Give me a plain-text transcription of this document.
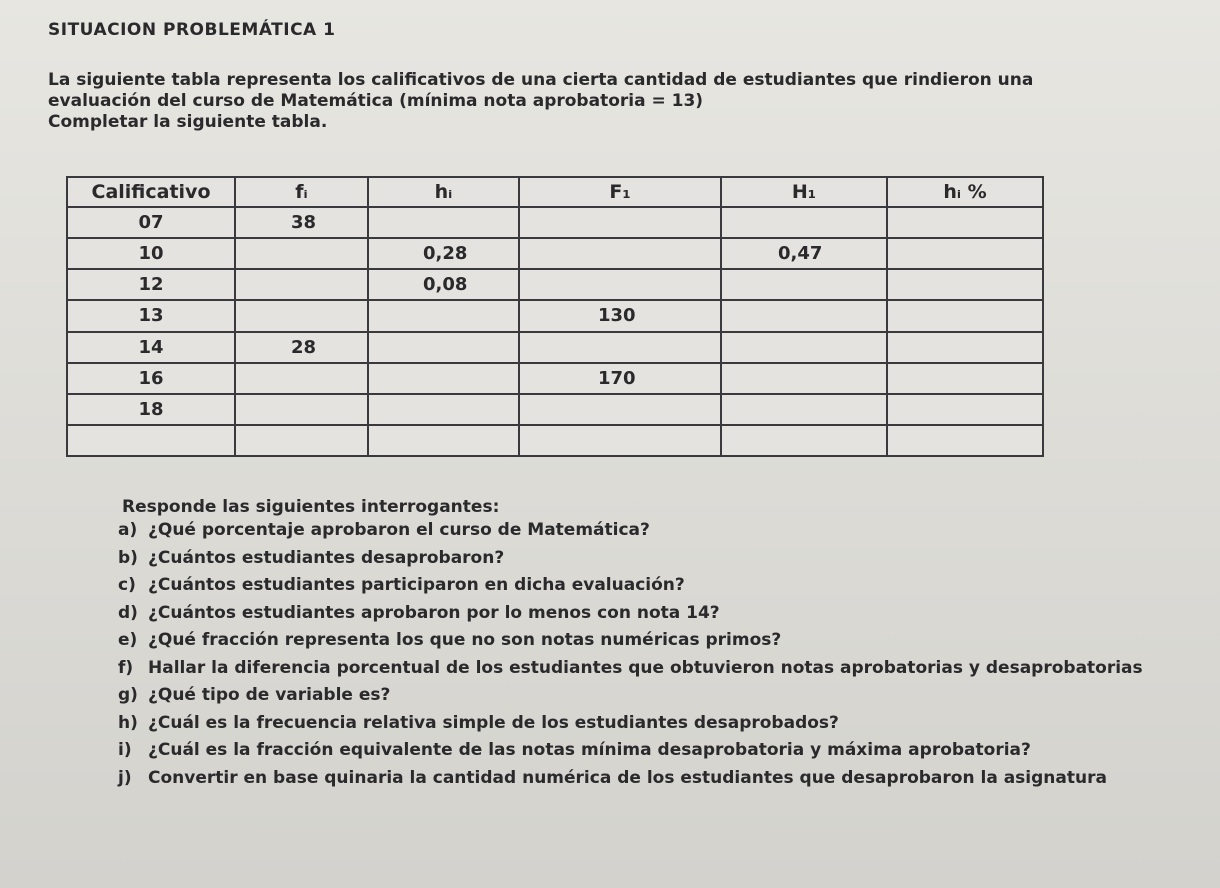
SITUACION PROBLEMÁTICA 1
La siguiente tabla representa los calificativos de una cierta cantidad de estudiantes que rindieron una
evaluación del curso de Matemática (mínima nota aprobatoria = 13)
Completar la siguiente tabla.
Calificativo	fᵢ	hᵢ	F₁	H₁	hᵢ %
07	38				
10		0,28		0,47	
12		0,08			
13			130		
14	28				
16			170		
18					

Responde las siguientes interrogantes:
a) ¿Qué porcentaje aprobaron el curso de Matemática?
b) ¿Cuántos estudiantes desaprobaron?
c) ¿Cuántos estudiantes participaron en dicha evaluación?
d) ¿Cuántos estudiantes aprobaron por lo menos con nota 14?
e) ¿Qué fracción representa los que no son notas numéricas primos?
f) Hallar la diferencia porcentual de los estudiantes que obtuvieron notas aprobatorias y desaprobatorias
g) ¿Qué tipo de variable es?
h) ¿Cuál es la frecuencia relativa simple de los estudiantes desaprobados?
i) ¿Cuál es la fracción equivalente de las notas mínima desaprobatoria y máxima aprobatoria?
j) Convertir en base quinaria la cantidad numérica de los estudiantes que desaprobaron la asignatura
